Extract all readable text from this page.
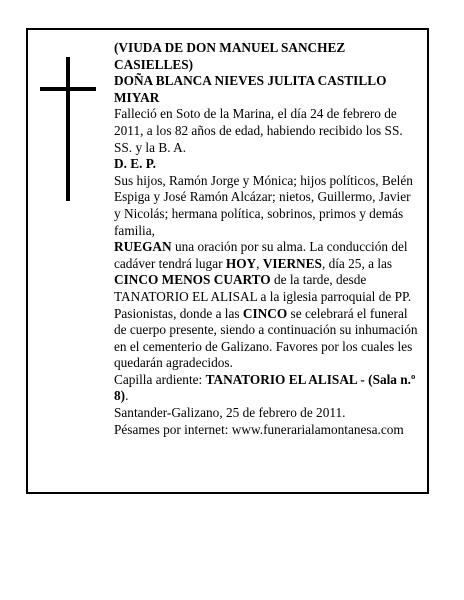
(VIUDA DE DON MANUEL SANCHEZ CASIELLES)

DOÑA BLANCA NIEVES JULITA CASTILLO MIYAR

Falleció en Soto de la Marina, el día 24 de febrero de 2011, a los 82 años de edad, habiendo recibido los SS. SS. y la B. A.

D. E. P.

Sus hijos, Ramón Jorge y Mónica; hijos políticos, Belén Espiga y José Ramón Alcázar; nietos, Guillermo, Javier y Nicolás; hermana política, sobrinos, primos y demás familia,

RUEGAN una oración por su alma. La conducción del cadáver tendrá lugar HOY, VIERNES, día 25, a las CINCO MENOS CUARTO de la tarde, desde TANATORIO EL ALISAL a la iglesia parroquial de PP. Pasionistas, donde a las CINCO se celebrará el funeral de cuerpo presente, siendo a continuación su inhumación en el cementerio de Galizano. Favores por los cuales les quedarán agradecidos.

Capilla ardiente: TANATORIO EL ALISAL - (Sala n.º 8).

Santander-Galizano, 25 de febrero de 2011.

Pésames por internet: www.funerarialamontanesa.com
